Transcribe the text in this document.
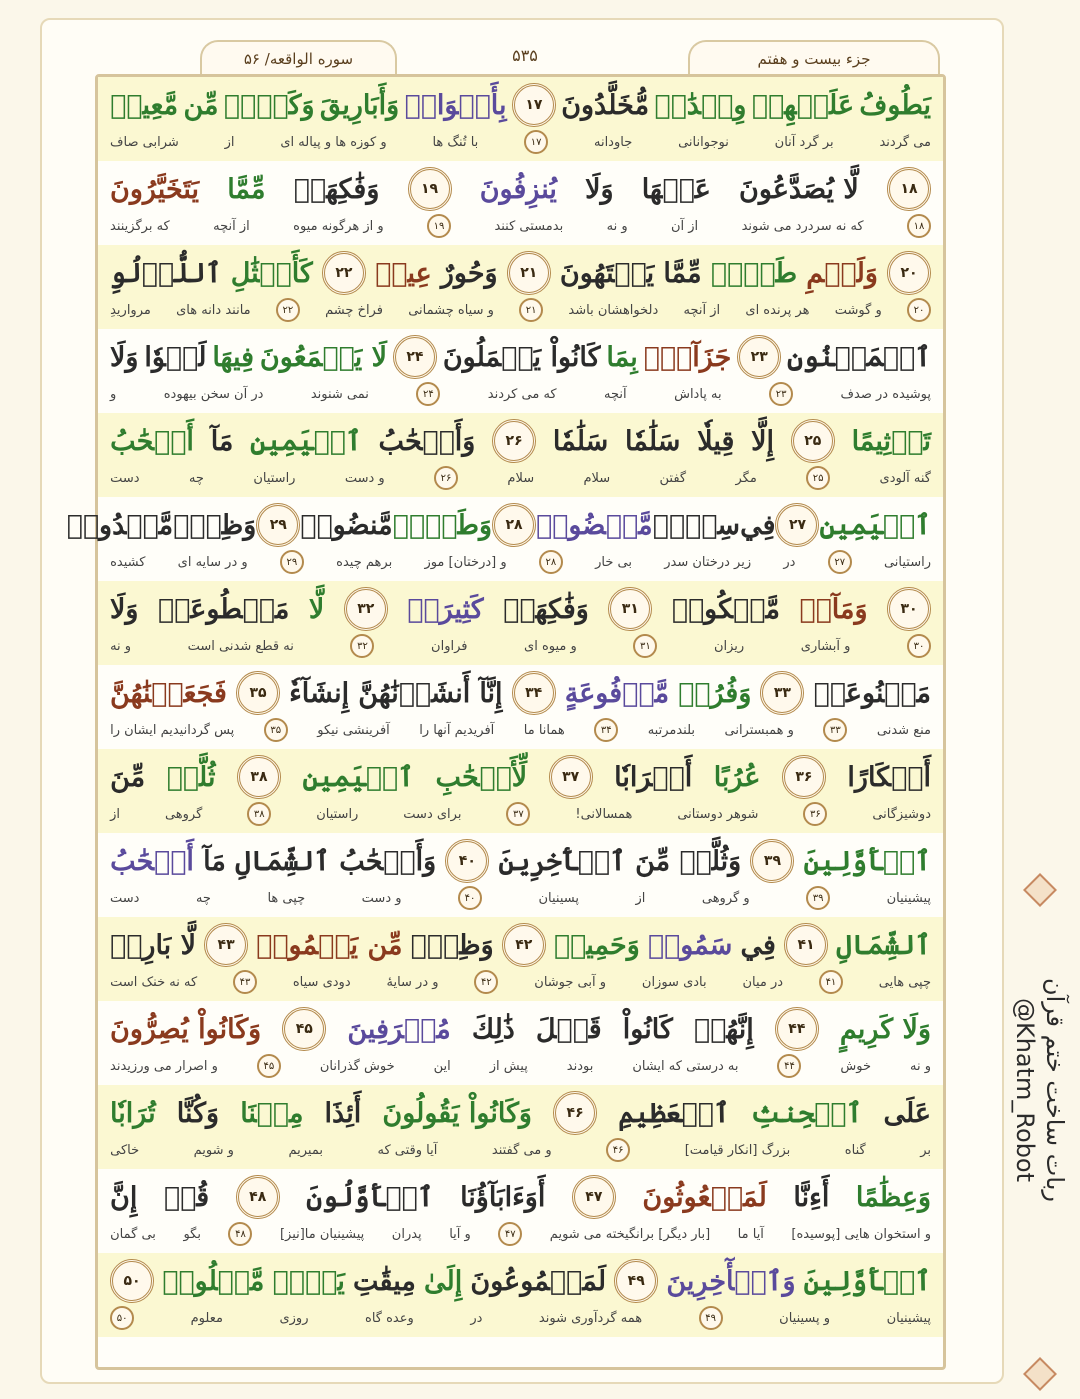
جزء بیست و هفتم
۵۳۵
سوره الواقعه/ ۵۶
يَطُوفُ
عَلَيۡهِمۡ
وِلۡدَٰنٞ
مُّخَلَّدُونَ
۱۷
بِأَكۡوَابٖ
وَأَبَارِيقَ
وَكَأۡسٖ
مِّن
مَّعِينٖ
می گردند
بر گرد آنان
نوجوانانی
جاودانه
۱۷
با تُنگ ها
و کوزه ها و پیاله ای
از
شرابی صاف
۱۸
لَّا يُصَدَّعُونَ
عَنۡهَا
وَلَا
يُنزِفُونَ
۱۹
وَفَٰكِهَةٖ
مِّمَّا
يَتَخَيَّرُونَ
۱۸
که نه سردرد می شوند
از آن
و نه
بدمستی کنند
۱۹
و از هرگونه میوه
از آنچه
که برگزینند
۲۰
وَلَحۡمِ
طَيۡرٖ
مِّمَّا
يَشۡتَهُونَ
۲۱
وَحُورٌ
عِينٞ
۲۲
كَأَمۡثَٰلِ
ٱللُّؤۡلُوِ
۲۰
و گوشت
هر پرنده ای
از آنچه
دلخواهشان باشد
۲۱
و سیاه چشمانی
فراخ چشم
۲۲
مانند دانه های
مرواریدِ
ٱلۡمَكۡنُونِ
۲۳
جَزَآءَۢ
بِمَا
كَانُواْ يَعۡمَلُونَ
۲۴
لَا يَسۡمَعُونَ
فِيهَا
لَغۡوٗا
وَلَا
پوشیده در صدف
۲۳
به پاداش
آنچه
که می کردند
۲۴
نمی شنوند
در آن سخن بیهوده
و
تَأۡثِيمًا
۲۵
إِلَّا
قِيلٗا
سَلَٰمٗا
سَلَٰمٗا
۲۶
وَأَصۡحَٰبُ
ٱلۡيَمِينِ
مَآ
أَصۡحَٰبُ
گنه آلودی
۲۵
مگر
گفتن
سلام
سلام
۲۶
و دست
راستیان
چه
دست
ٱلۡيَمِينِ
۲۷
فِي
سِدۡرٖ
مَّخۡضُودٖ
۲۸
وَطَلۡحٖ
مَّنضُودٖ
۲۹
وَظِلّٖ
مَّمۡدُودٖ
راستیانی
۲۷
در
زیر درختان سدر
بی خار
۲۸
و [درختان] موز
برهم چیده
۲۹
و در سایه ای
کشیده
۳۰
وَمَآءٖ
مَّسۡكُوبٖ
۳۱
وَفَٰكِهَةٖ
كَثِيرَةٖ
۳۲
لَّا
مَقۡطُوعَةٖ
وَلَا
۳۰
و آبشاری
ریزان
۳۱
و میوه ای
فراوان
۳۲
نه قطع شدنی است
و نه
مَمۡنُوعَةٖ
۳۳
وَفُرُشٖ
مَّرۡفُوعَةٍ
۳۴
إِنَّآ
أَنشَأۡنَٰهُنَّ
إِنشَآءٗ
۳۵
فَجَعَلۡنَٰهُنَّ
منع شدنی
۳۳
و همبسترانی
بلندمرتبه
۳۴
همانا ما
آفریدیم آنها را
آفرینشی نیکو
۳۵
پس گردانیدیم ایشان را
أَبۡكَارًا
۳۶
عُرُبًا
أَتۡرَابٗا
۳۷
لِّأَصۡحَٰبِ
ٱلۡيَمِينِ
۳۸
ثُلَّةٞ
مِّنَ
دوشیزگانی
۳۶
شوهر دوستانی
همسالانی!
۳۷
برای دست
راستیان
۳۸
گروهی
از
ٱلۡأَوَّلِينَ
۳۹
وَثُلَّةٞ
مِّنَ
ٱلۡأٓخِرِينَ
۴۰
وَأَصۡحَٰبُ
ٱلشِّمَالِ
مَآ
أَصۡحَٰبُ
پیشینیان
۳۹
و گروهی
از
پسینیان
۴۰
و دست
چپی ها
چه
دست
ٱلشِّمَالِ
۴۱
فِي
سَمُومٖ
وَحَمِيمٖ
۴۲
وَظِلّٖ
مِّن يَحۡمُومٖ
۴۳
لَّا بَارِدٖ
چپی هایی
۴۱
در میان
بادی سوزان
و آبی جوشان
۴۲
و در سایهٔ
دودی سیاه
۴۳
که نه خنک است
وَلَا كَرِيمٍ
۴۴
إِنَّهُمۡ
كَانُواْ
قَبۡلَ
ذَٰلِكَ
مُتۡرَفِينَ
۴۵
وَكَانُواْ يُصِرُّونَ
و نه
خوش
۴۴
به درستی که ایشان
بودند
پیش از
این
خوش گذرانان
۴۵
و اصرار می ورزیدند
عَلَى
ٱلۡحِنثِ
ٱلۡعَظِيمِ
۴۶
وَكَانُواْ يَقُولُونَ
أَئِذَا
مِتۡنَا
وَكُنَّا
تُرَابٗا
بر
گناه
بزرگ [انکار قیامت]
۴۶
و می گفتند
آیا وقتی که
بمیریم
و شویم
خاکی
وَعِظَٰمًا
أَءِنَّا
لَمَبۡعُوثُونَ
۴۷
أَوَءَابَآؤُنَا
ٱلۡأَوَّلُونَ
۴۸
قُلۡ
إِنَّ
و استخوان هایی [پوسیده]
آیا ما
[بار دیگر] برانگیخته می شویم
۴۷
و آیا
پدران
پیشینیان ما[نیز]
۴۸
بگو
بی گمان
ٱلۡأَوَّلِينَ
وَٱلۡأٓخِرِينَ
۴۹
لَمَجۡمُوعُونَ
إِلَىٰ
مِيقَٰتِ
يَوۡمٖ
مَّعۡلُومٖ
۵۰
پیشینیان
و پسینیان
۴۹
همه گردآوری شوند
در
وعده گاه
روزی
معلوم
۵۰
ربات ساخت ختم قرآن
@Khatm_Robot
